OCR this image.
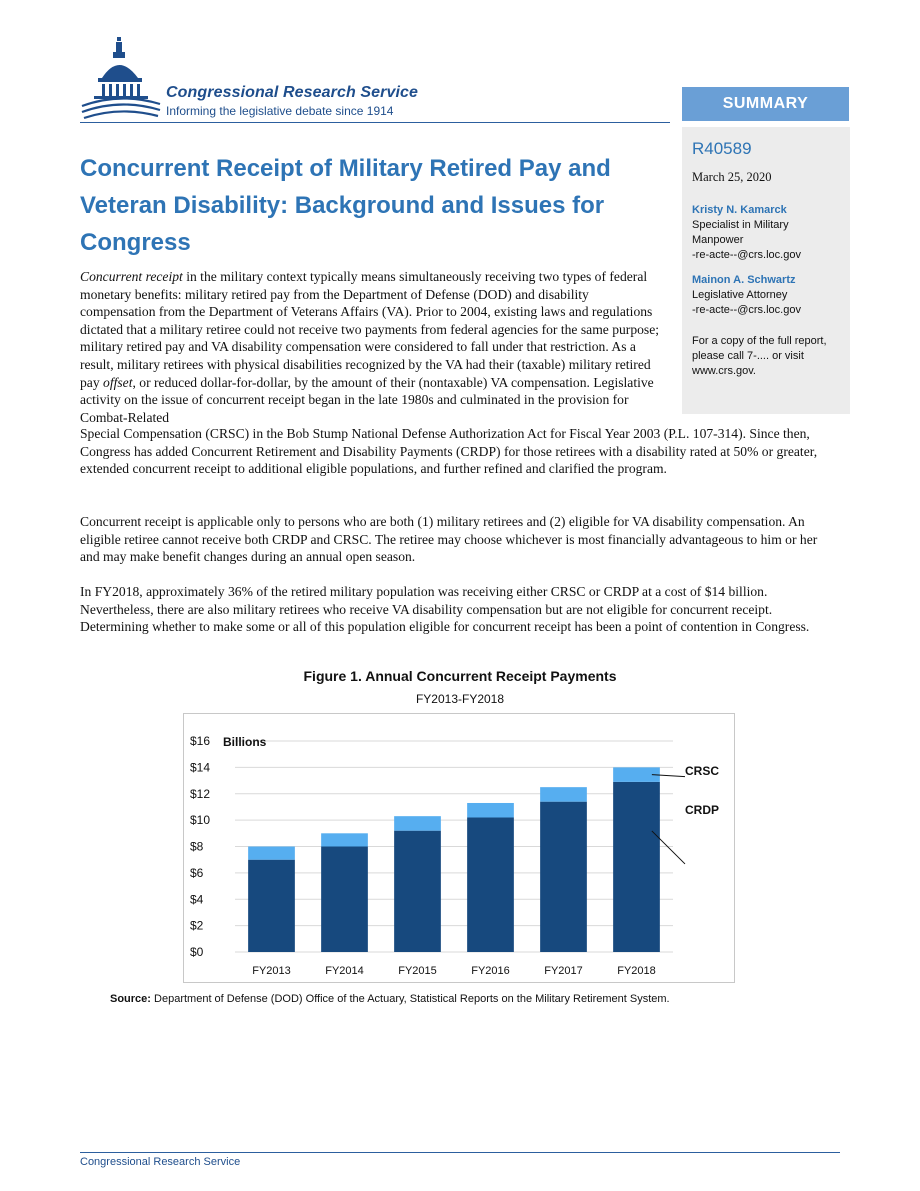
Congressional Research Service

Informing the legislative debate since 1914	SUMMARY

R40589

March 25, 2020

Kristy N. Kamarck

Specialist in Military

Manpower

-re-acte--@crs.loc.gov

Mainon A. Schwartz

Legislative Attorney

-re-acte--@crs.loc.gov

For a copy of the full report,

please call 7-.... or visit

www.crs.gov.

Concurrent Receipt of Military Retired Pay and Veteran Disability: Background and Issues for Congress

Concurrent receipt in the military context typically means simultaneously receiving two types of federal monetary benefits: military retired pay from the Department of Defense (DOD) and disability compensation from the Department of Veterans Affairs (VA). Prior to 2004, existing laws and regulations dictated that a military retiree could not receive two payments from federal agencies for the same purpose; military retired pay and VA disability compensation were considered to fall under that restriction. As a result, military retirees with physical disabilities recognized by the VA had their (taxable) military retired pay offset, or reduced dollar-for-dollar, by the amount of their (nontaxable) VA compensation. Legislative activity on the issue of concurrent receipt began in the late 1980s and culminated in the provision for Combat-Related

Special Compensation (CRSC) in the Bob Stump National Defense Authorization Act for Fiscal Year 2003 (P.L. 107-314). Since then, Congress has added Concurrent Retirement and Disability Payments (CRDP) for those retirees with a disability rated at 50% or greater, extended concurrent receipt to additional eligible populations, and further refined and clarified the program.

Concurrent receipt is applicable only to persons who are both (1) military retirees and (2) eligible for VA disability compensation. An eligible retiree cannot receive both CRDP and CRSC. The retiree may choose whichever is most financially advantageous to him or her and may make benefit changes during an annual open season.

In FY2018, approximately 36% of the retired military population was receiving either CRSC or CRDP at a cost of $14 billion. Nevertheless, there are also military retirees who receive VA disability compensation but are not eligible for concurrent receipt. Determining whether to make some or all of this population eligible for concurrent receipt has been a point of contention in Congress.

Figure 1. Annual Concurrent Receipt Payments

FY2013-FY2018

$0
$2
$4
$6
$8
$10
$12
$14
$16
FY2013	FY2014	FY2015	FY2016	FY2017	FY2018
Billions
CRDP
CRSC

Source: Department of Defense (DOD) Office of the Actuary, Statistical Reports on the Military Retirement System.

Congressional Research Service
